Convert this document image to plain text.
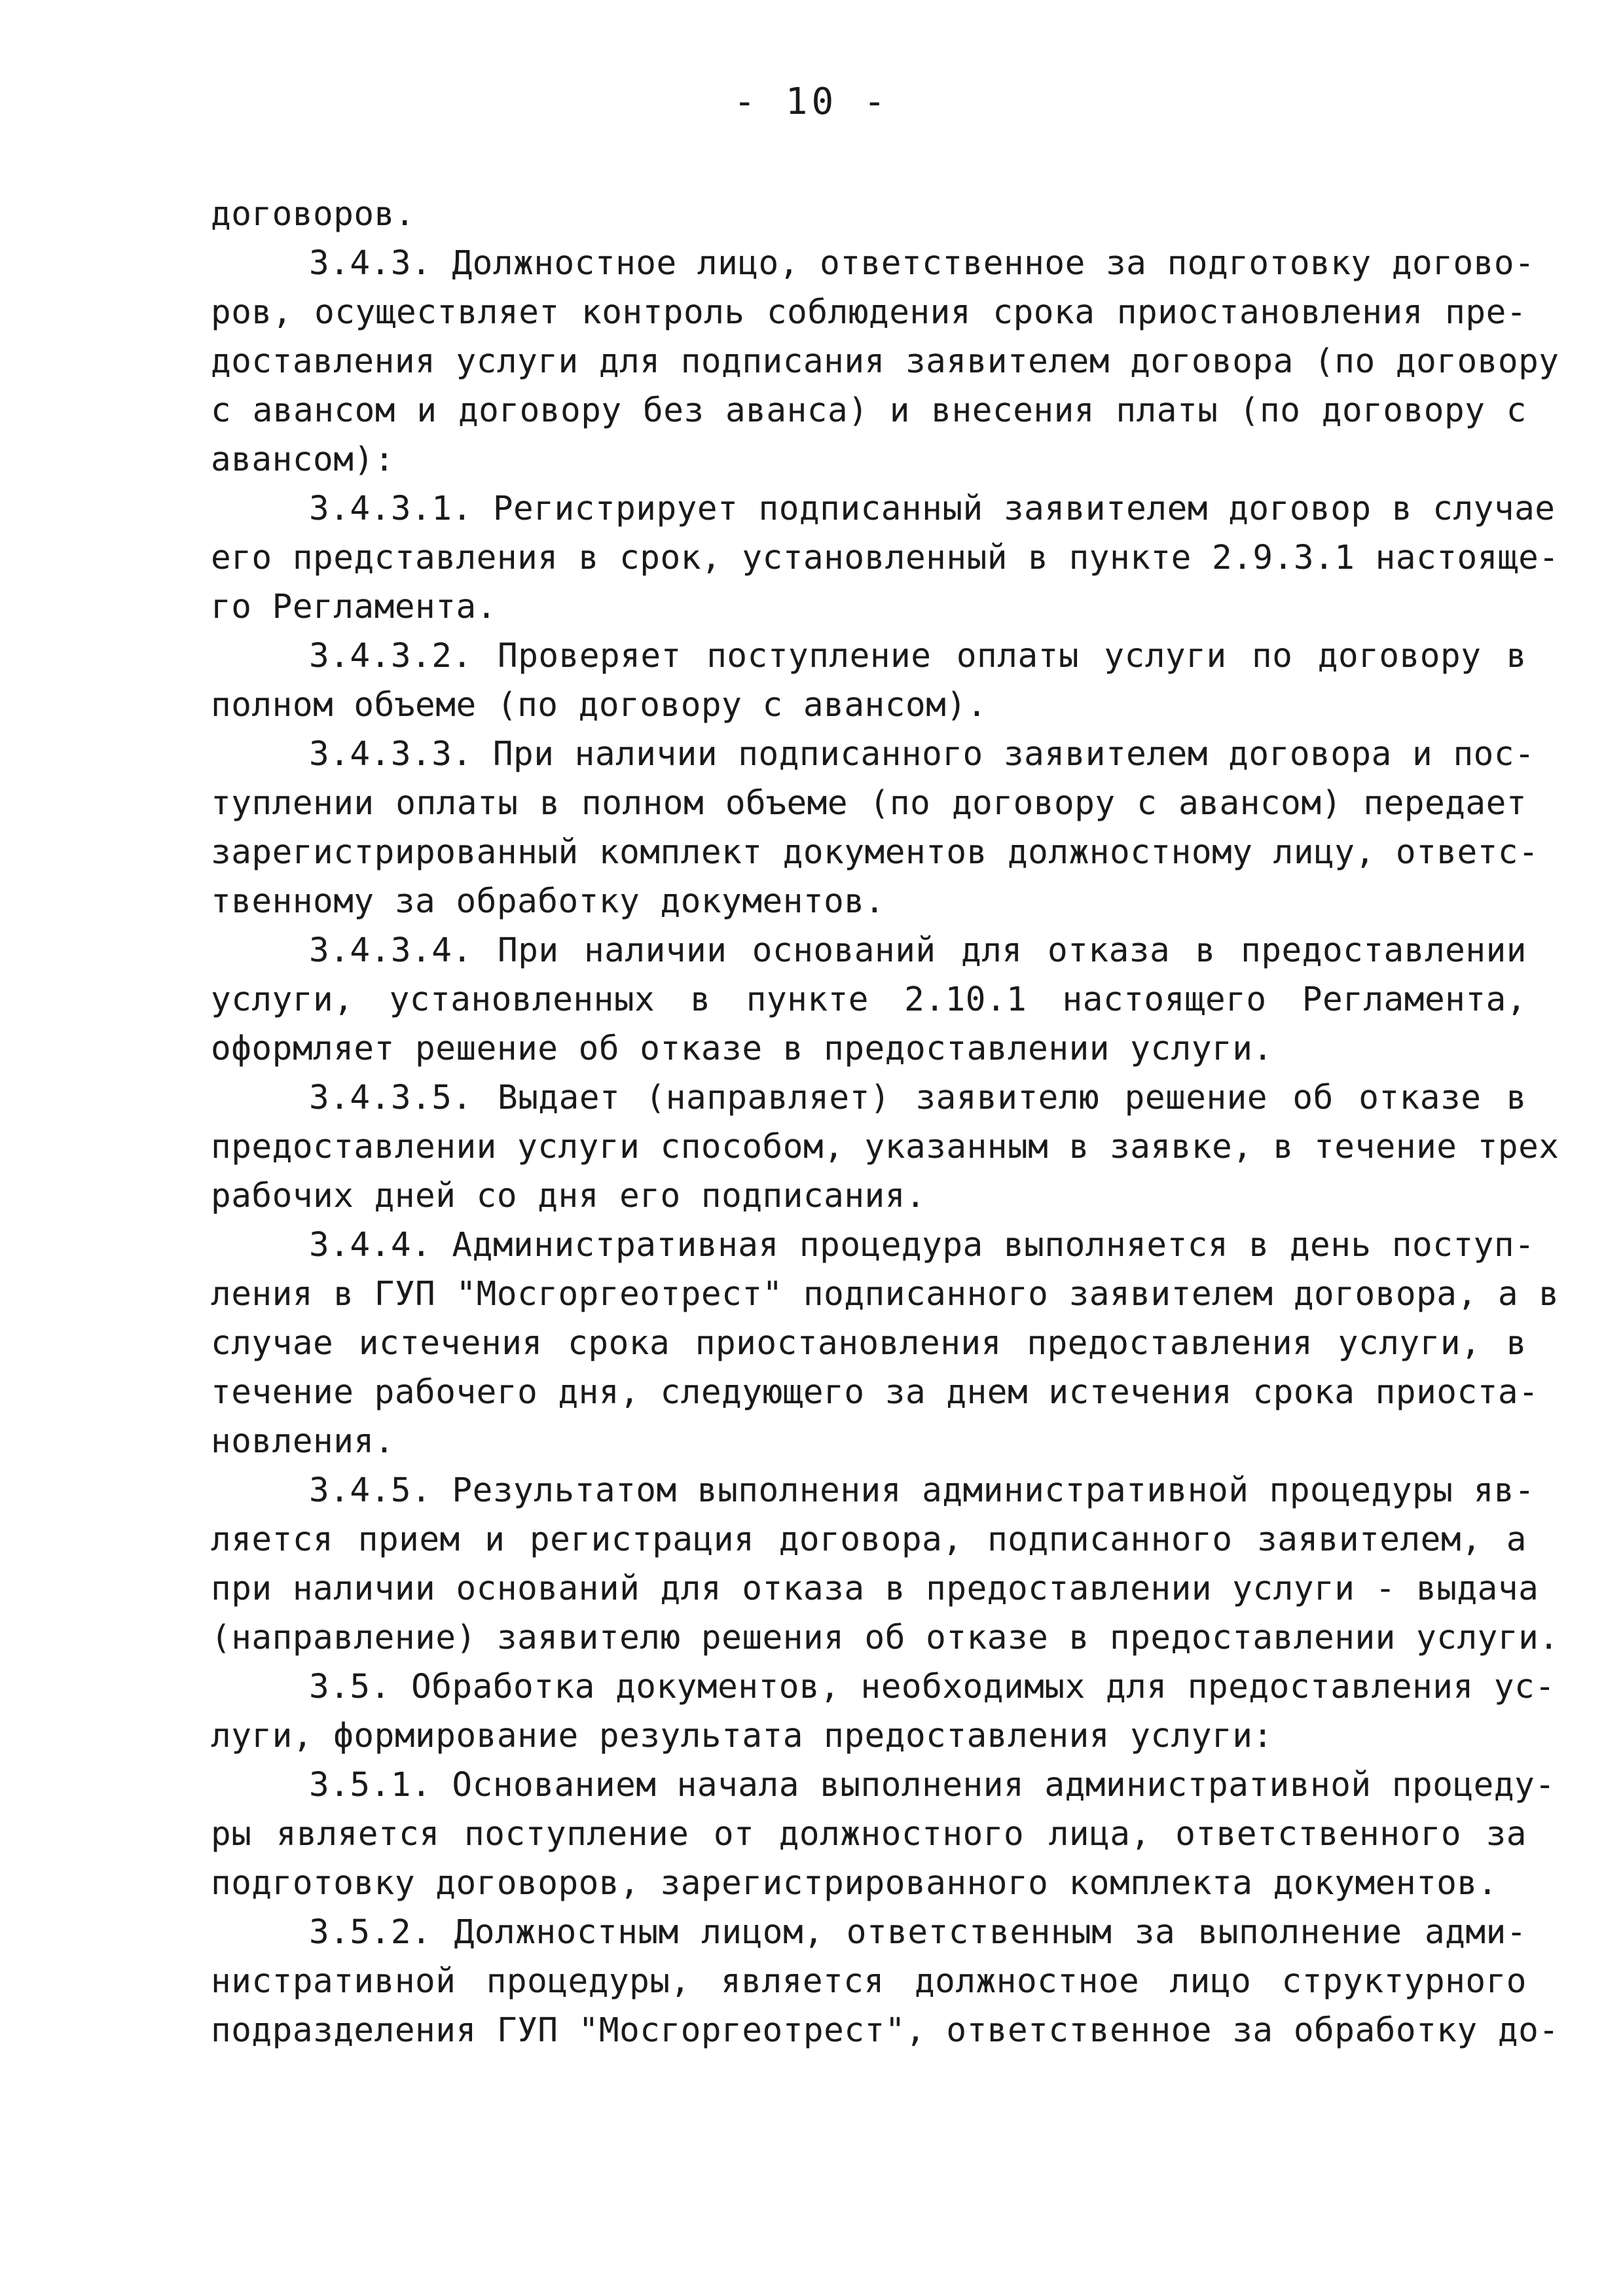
- 10 -
договоров.
3.4.3. Должностное лицо, ответственное за подготовку догово-
ров, осуществляет контроль соблюдения срока приостановления пре-
доставления услуги для подписания заявителем договора (по договору
с авансом и договору без аванса) и внесения платы (по договору с
авансом):
3.4.3.1. Регистрирует подписанный заявителем договор в случае
его представления в срок, установленный в пункте 2.9.3.1 настояще-
го Регламента.
3.4.3.2. Проверяет поступление оплаты услуги по договору в
полном объеме (по договору с авансом).
3.4.3.3. При наличии подписанного заявителем договора и пос-
туплении оплаты в полном объеме (по договору с авансом) передает
зарегистрированный комплект документов должностному лицу, ответс-
твенному за обработку документов.
3.4.3.4. При наличии оснований для отказа в предоставлении
услуги, установленных в пункте 2.10.1 настоящего Регламента,
оформляет решение об отказе в предоставлении услуги.
3.4.3.5. Выдает (направляет) заявителю решение об отказе в
предоставлении услуги способом, указанным в заявке, в течение трех
рабочих дней со дня его подписания.
3.4.4. Административная процедура выполняется в день поступ-
ления в ГУП "Мосгоргеотрест" подписанного заявителем договора, а в
случае истечения срока приостановления предоставления услуги, в
течение рабочего дня, следующего за днем истечения срока приоста-
новления.
3.4.5. Результатом выполнения административной процедуры яв-
ляется прием и регистрация договора, подписанного заявителем, а
при наличии оснований для отказа в предоставлении услуги - выдача
(направление) заявителю решения об отказе в предоставлении услуги.
3.5. Обработка документов, необходимых для предоставления ус-
луги, формирование результата предоставления услуги:
3.5.1. Основанием начала выполнения административной процеду-
ры является поступление от должностного лица, ответственного за
подготовку договоров, зарегистрированного комплекта документов.
3.5.2. Должностным лицом, ответственным за выполнение адми-
нистративной процедуры, является должностное лицо структурного
подразделения ГУП "Мосгоргеотрест", ответственное за обработку до-
